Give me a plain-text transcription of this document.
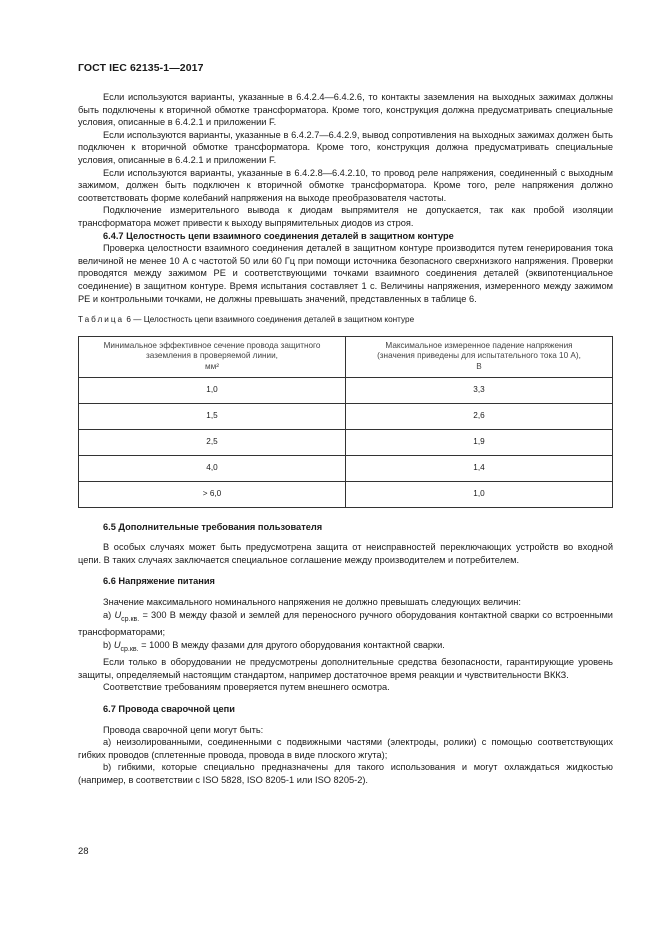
ГОСТ IEC 62135-1—2017

Если используются варианты, указанные в 6.4.2.4—6.4.2.6, то контакты заземления на выходных зажимах должны быть подключены к вторичной обмотке трансформатора. Кроме того, конструкция должна предусматривать специальные условия, описанные в 6.4.2.1 и приложении F.

Если используются варианты, указанные в 6.4.2.7—6.4.2.9, вывод сопротивления на выходных зажимах должен быть подключен к вторичной обмотке трансформатора. Кроме того, конструкция должна предусматривать специальные условия, описанные в 6.4.2.1 и приложении F.

Если используются варианты, указанные в 6.4.2.8—6.4.2.10, то провод реле напряжения, соединенный с выходным зажимом, должен быть подключен к вторичной обмотке трансформатора. Кроме того, реле напряжения должно соответствовать форме колебаний напряжения на выходе преобразователя частоты.

Подключение измерительного вывода к диодам выпрямителя не допускается, так как пробой изоляции трансформатора может привести к выходу выпрямительных диодов из строя.

6.4.7 Целостность цепи взаимного соединения деталей в защитном контуре

Проверка целостности взаимного соединения деталей в защитном контуре производится путем генерирования тока величиной не менее 10 А с частотой 50 или 60 Гц при помощи источника безопасного сверхнизкого напряжения. Проверки проводятся между зажимом PE и соответствующими точками взаимного соединения деталей (эквипотенциальное соединение) в защитном контуре. Время испытания составляет 1 с. Величины напряжения, измеренного между зажимом PE и контрольными точками, не должны превышать значений, представленных в таблице 6.

Таблица 6 — Целостность цепи взаимного соединения деталей в защитном контуре

Минимальное эффективное сечение провода защитного
заземления в проверяемой линии,
мм²	Максимальное измеренное падение напряжения
(значения приведены для испытательного тока 10 А),
В
1,0	3,3
1,5	2,6
2,5	1,9
4,0	1,4
> 6,0	1,0

6.5 Дополнительные требования пользователя

В особых случаях может быть предусмотрена защита от неисправностей переключающих устройств во входной цепи. В таких случаях заключается специальное соглашение между производителем и потребителем.

6.6 Напряжение питания

Значение максимального номинального напряжения не должно превышать следующих величин:

а) $U_{ср.кв.} = 300$ В между фазой и землей для переносного ручного оборудования контактной сварки со встроенными трансформаторами;

b) $U_{ср.кв.} = 1000$ В между фазами для другого оборудования контактной сварки.

Если только в оборудовании не предусмотрены дополнительные средства безопасности, гарантирующие уровень защиты, определяемый настоящим стандартом, например достаточное время реакции и чувствительности ВККЗ.

Соответствие требованиям проверяется путем внешнего осмотра.

6.7 Провода сварочной цепи

Провода сварочной цепи могут быть:

а) неизолированными, соединенными с подвижными частями (электроды, ролики) с помощью соответствующих гибких проводов (сплетенные провода, провода в виде плоского жгута);

b) гибкими, которые специально предназначены для такого использования и могут охлаждаться жидкостью (например, в соответствии с ISO 5828, ISO 8205-1 или ISO 8205-2).

28
